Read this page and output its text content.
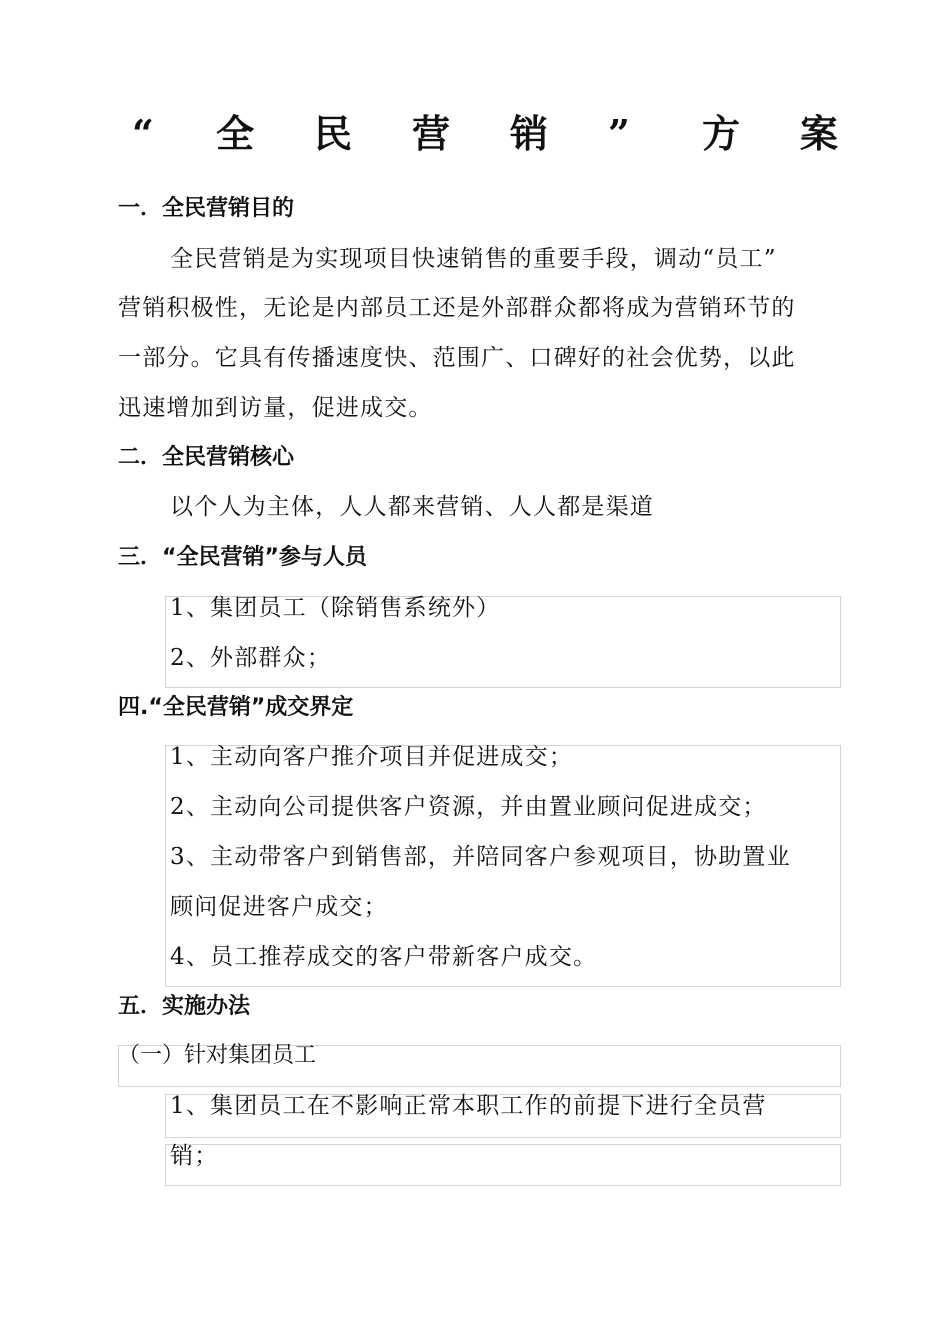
“ 全 民 营 销 ” 方 案
一．全民营销目的
全民营销是为实现项目快速销售的重要手段，调动“员工”
营销积极性，无论是内部员工还是外部群众都将成为营销环节的
一部分。它具有传播速度快、范围广、口碑好的社会优势，以此
迅速增加到访量，促进成交。
二．全民营销核心
以个人为主体，人人都来营销、人人都是渠道
三．“全民营销”参与人员
1、集团员工（除销售系统外）
2、外部群众；
四.“全民营销”成交界定
1、主动向客户推介项目并促进成交；
2、主动向公司提供客户资源，并由置业顾问促进成交；
3、主动带客户到销售部，并陪同客户参观项目，协助置业
顾问促进客户成交；
4、员工推荐成交的客户带新客户成交。
五．实施办法
（一）针对集团员工
1、集团员工在不影响正常本职工作的前提下进行全员营
销；
